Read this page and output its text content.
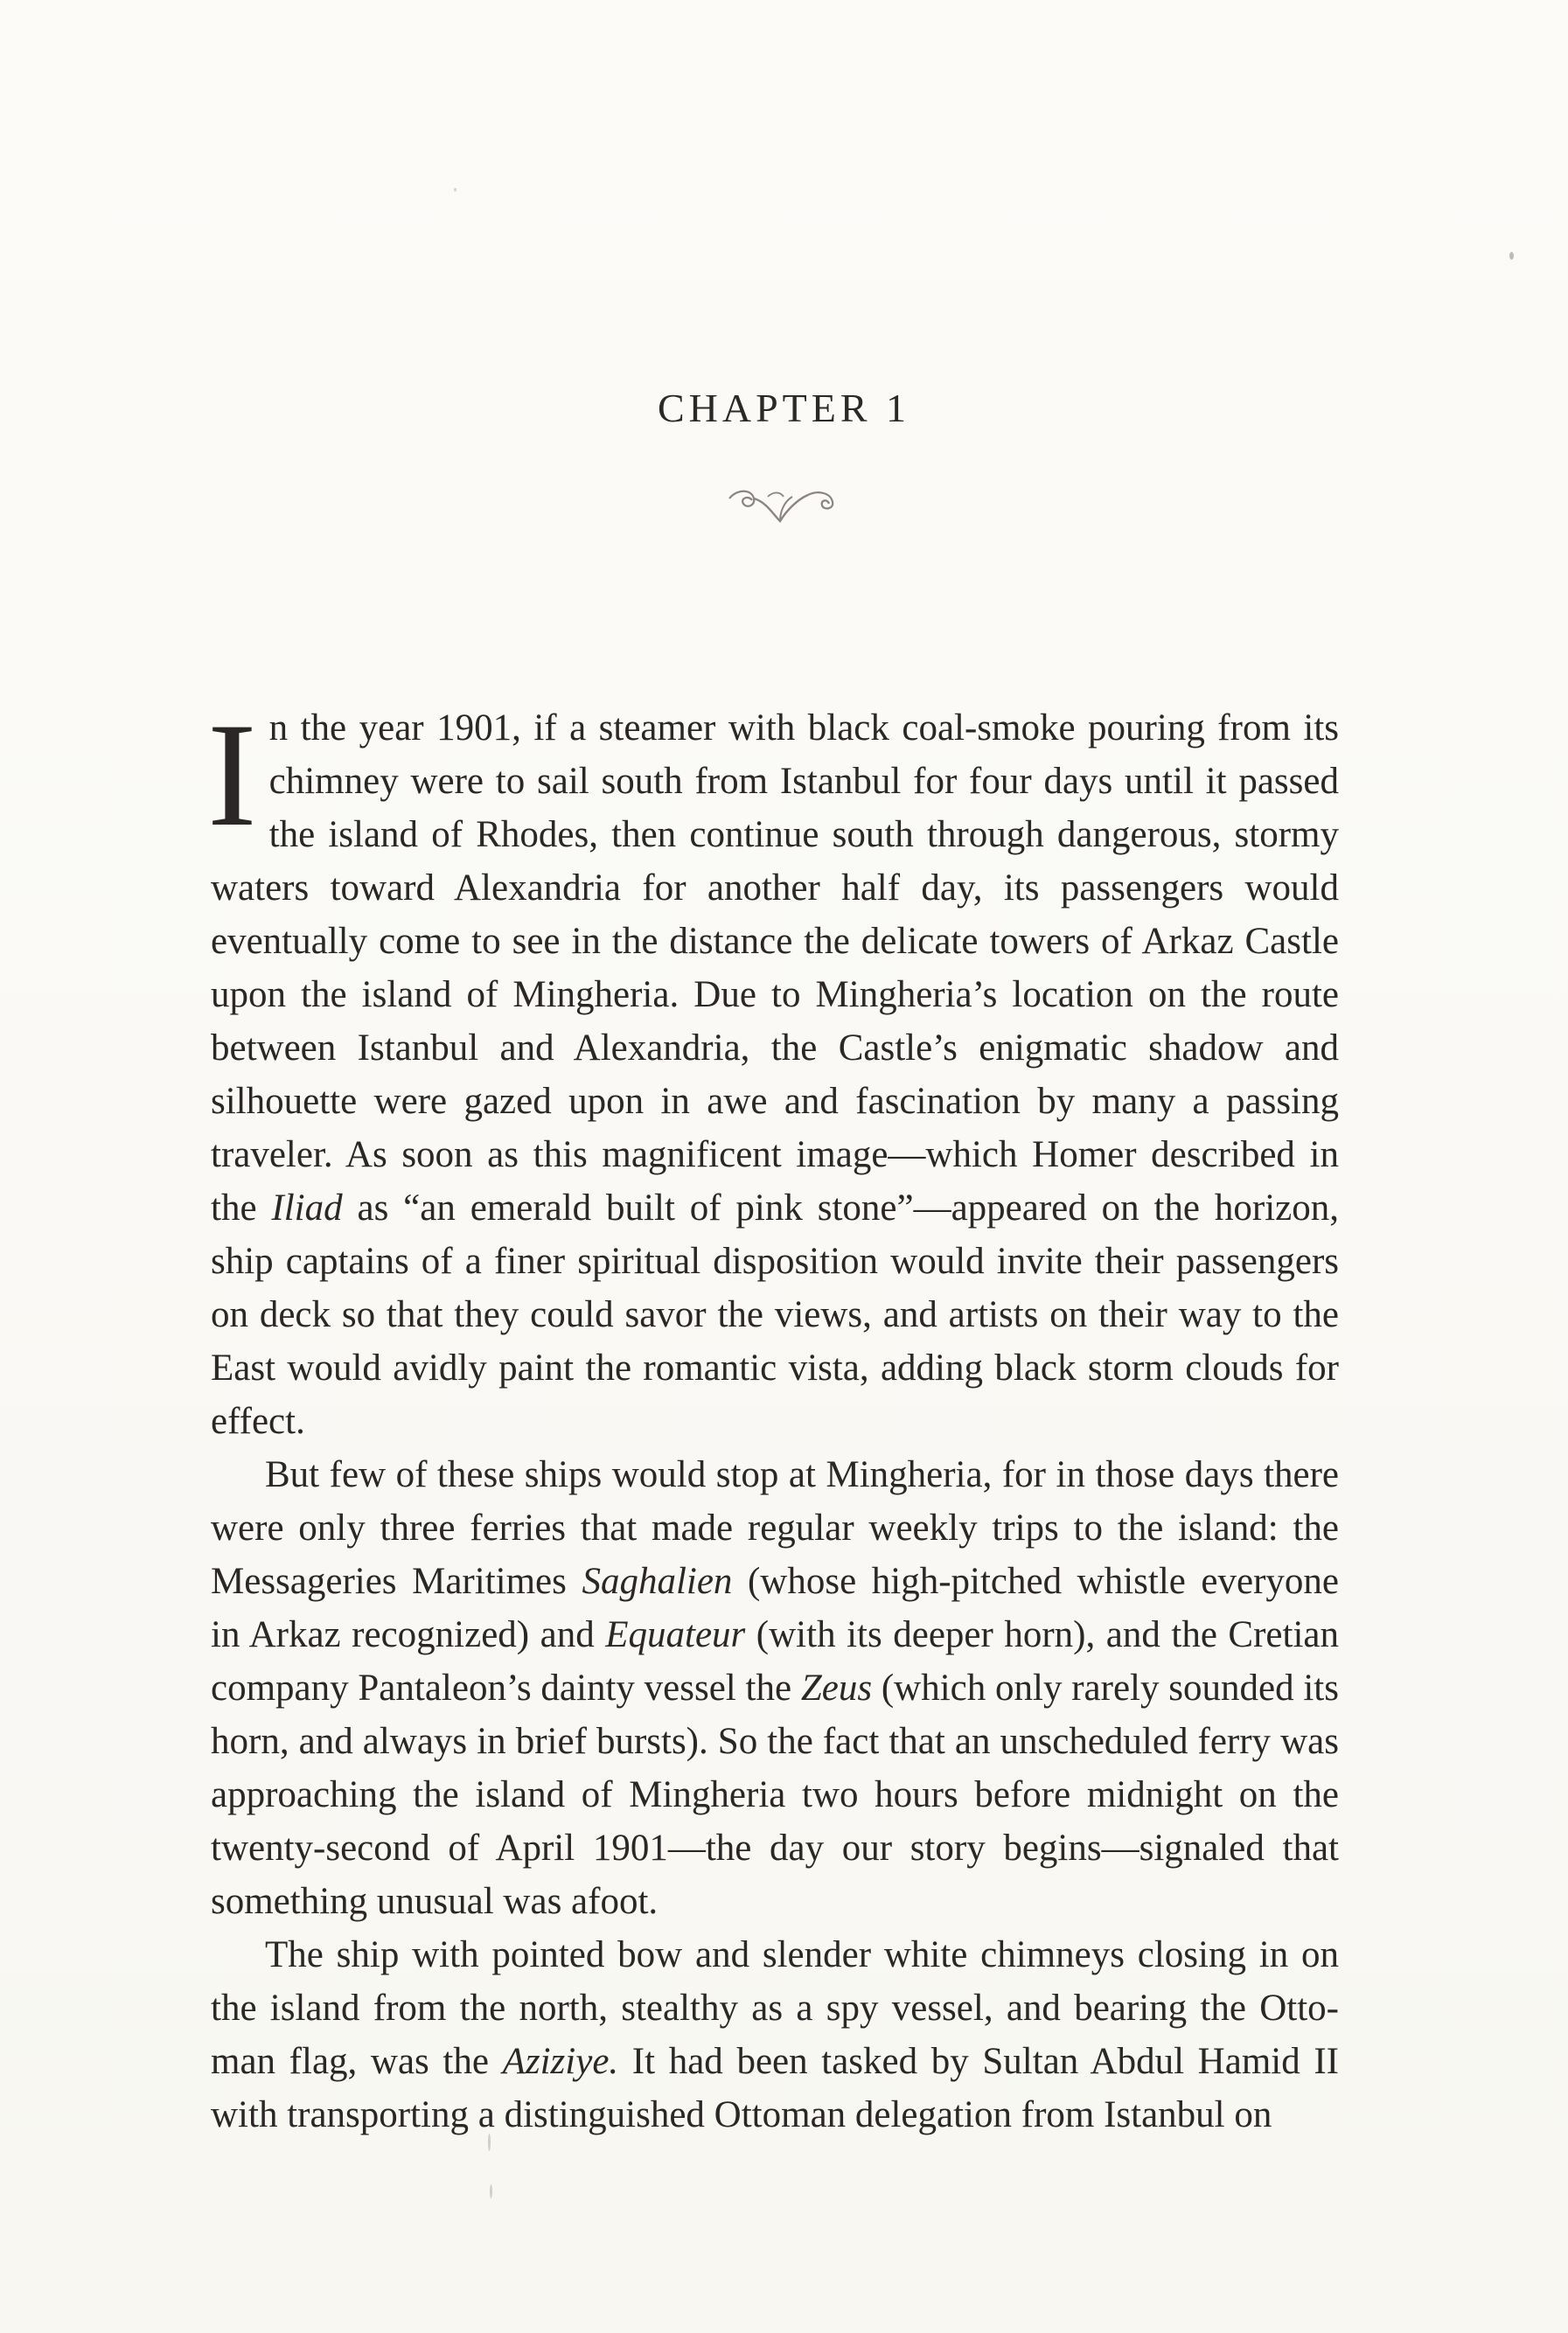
CHAPTER 1

In the year 1901, if a steamer with black coal-smoke pouring from its chimney were to sail south from Istanbul for four days until it passed the island of Rhodes, then continue south through dangerous, stormy waters toward Alexandria for another half day, its passengers would eventually come to see in the distance the delicate towers of Arkaz Castle upon the island of Mingheria. Due to Mingheria’s location on the route between Istanbul and Alexandria, the Castle’s enigmatic shadow and silhouette were gazed upon in awe and fascination by many a passing traveler. As soon as this magnificent image—which Homer described in the Iliad as “an emerald built of pink stone”—appeared on the horizon, ship captains of a finer spiritual disposition would invite their passengers on deck so that they could savor the views, and artists on their way to the East would avidly paint the romantic vista, adding black storm clouds for effect.

But few of these ships would stop at Mingheria, for in those days there were only three ferries that made regular weekly trips to the island: the Messageries Maritimes Saghalien (whose high-pitched whistle everyone in Arkaz recognized) and Equateur (with its deeper horn), and the Cretian company Pantaleon’s dainty vessel the Zeus (which only rarely sounded its horn, and always in brief bursts). So the fact that an unscheduled ferry was approaching the island of Mingheria two hours before midnight on the twenty-second of April 1901—the day our story begins—signaled that something unusual was afoot.

The ship with pointed bow and slender white chimneys closing in on the island from the north, stealthy as a spy vessel, and bearing the Ottoman flag, was the Aziziye. It had been tasked by Sultan Abdul Hamid II with transporting a distinguished Ottoman delegation from Istanbul on
